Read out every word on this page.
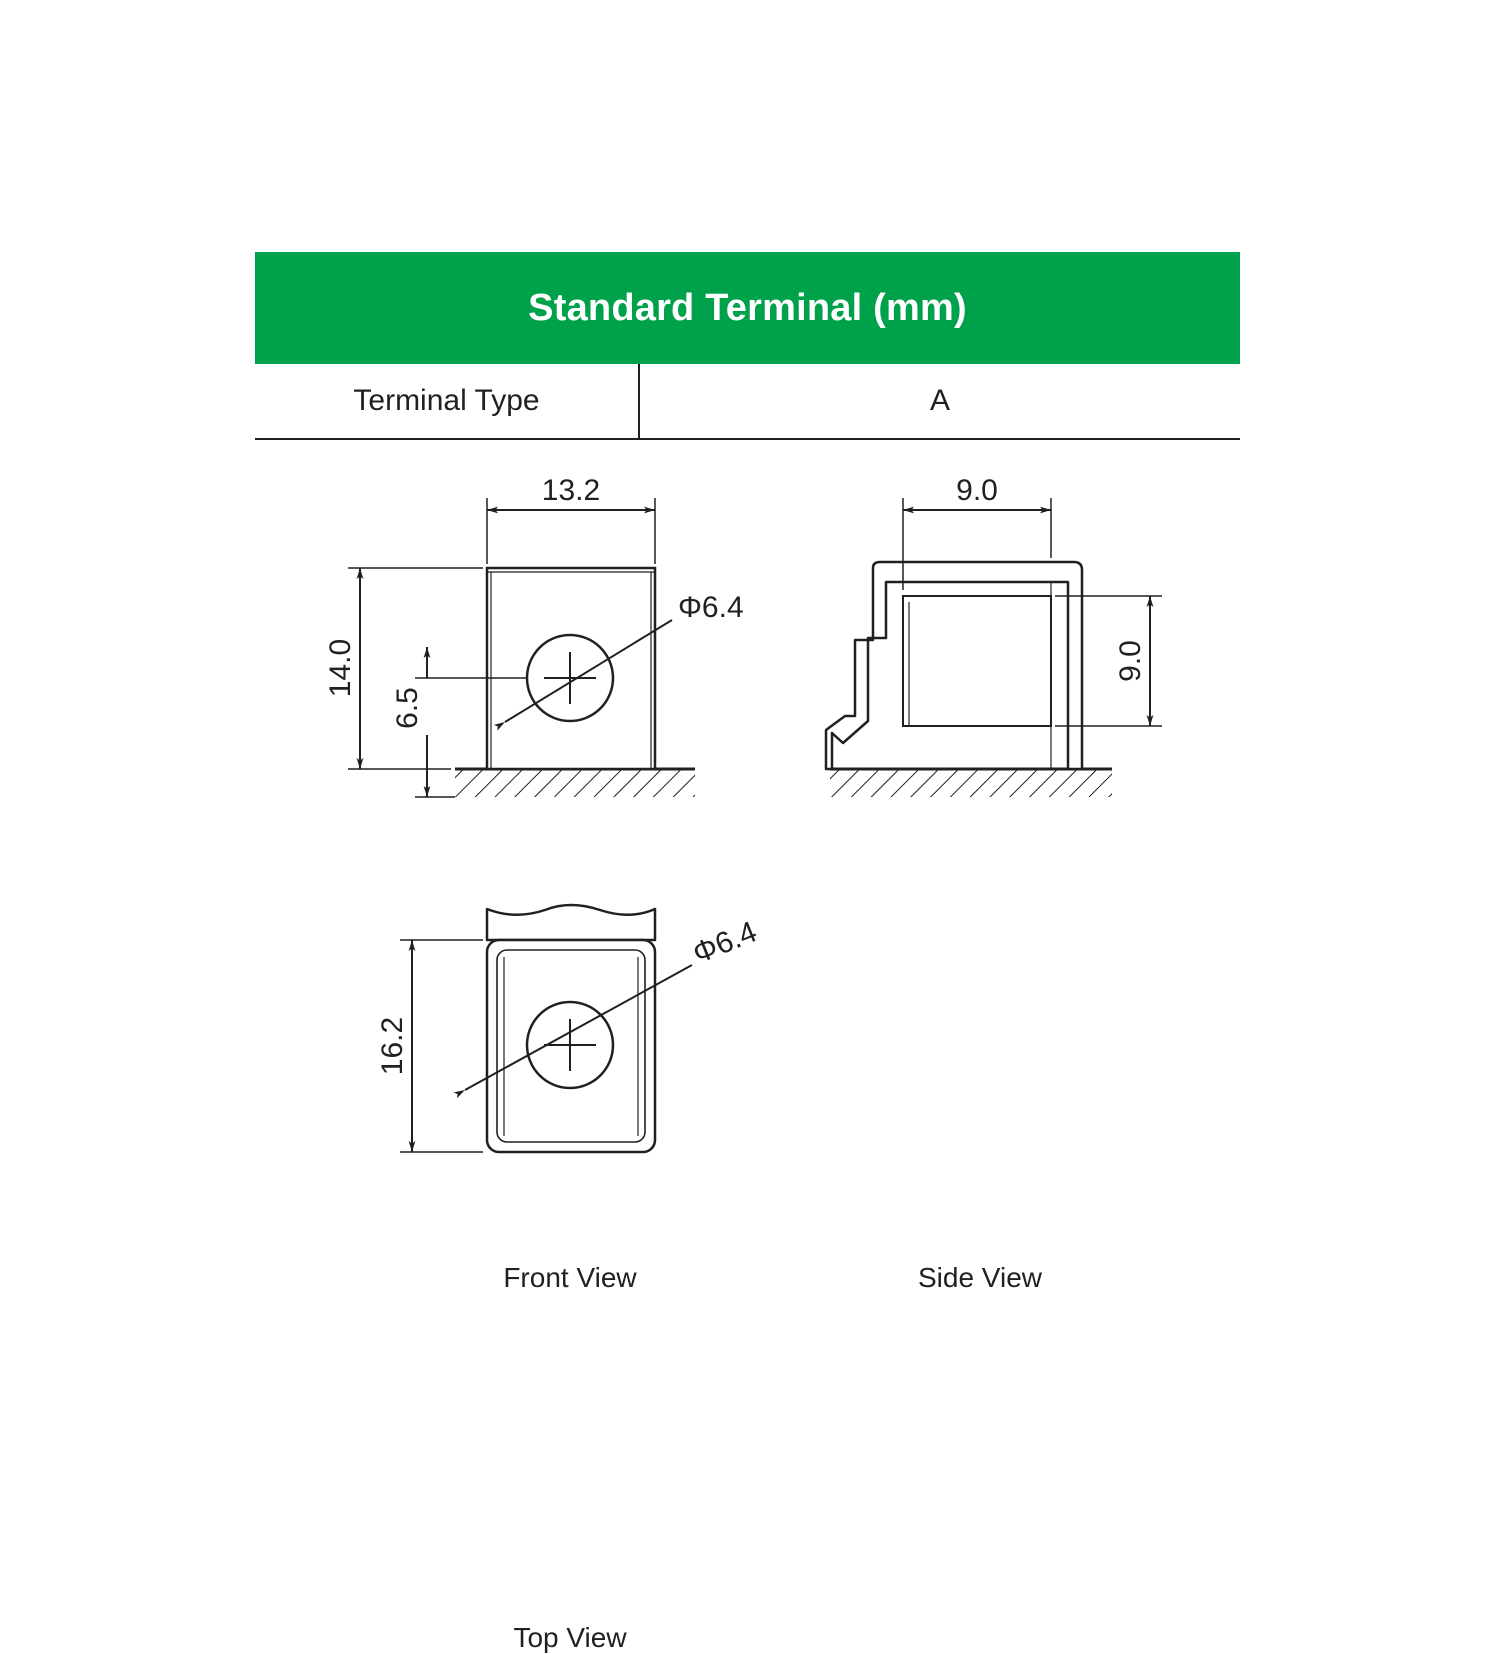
Standard Terminal (mm)
Terminal Type	A
13.2
14.0
6.5
Φ6.4
9.0
9.0
16.2
Φ6.4
Front View	Side View
Top View
